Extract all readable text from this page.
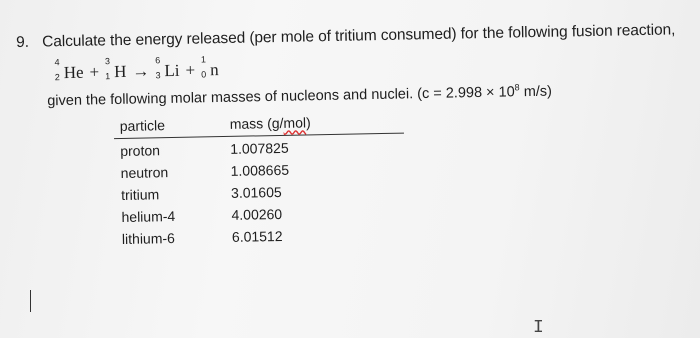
9. Calculate the energy released (per mole of tritium consumed) for the following fusion reaction,
4
2 He +
3
1 H →
6
3 Li +
1
0 n
given the following molar masses of nucleons and nuclei. ($c = 2.998 \times 10^8$ m/s)
particle	mass (g/mol)
proton	1.007825
neutron	1.008665
tritium	3.01605
helium-4	4.00260
lithium-6	6.01512
I
